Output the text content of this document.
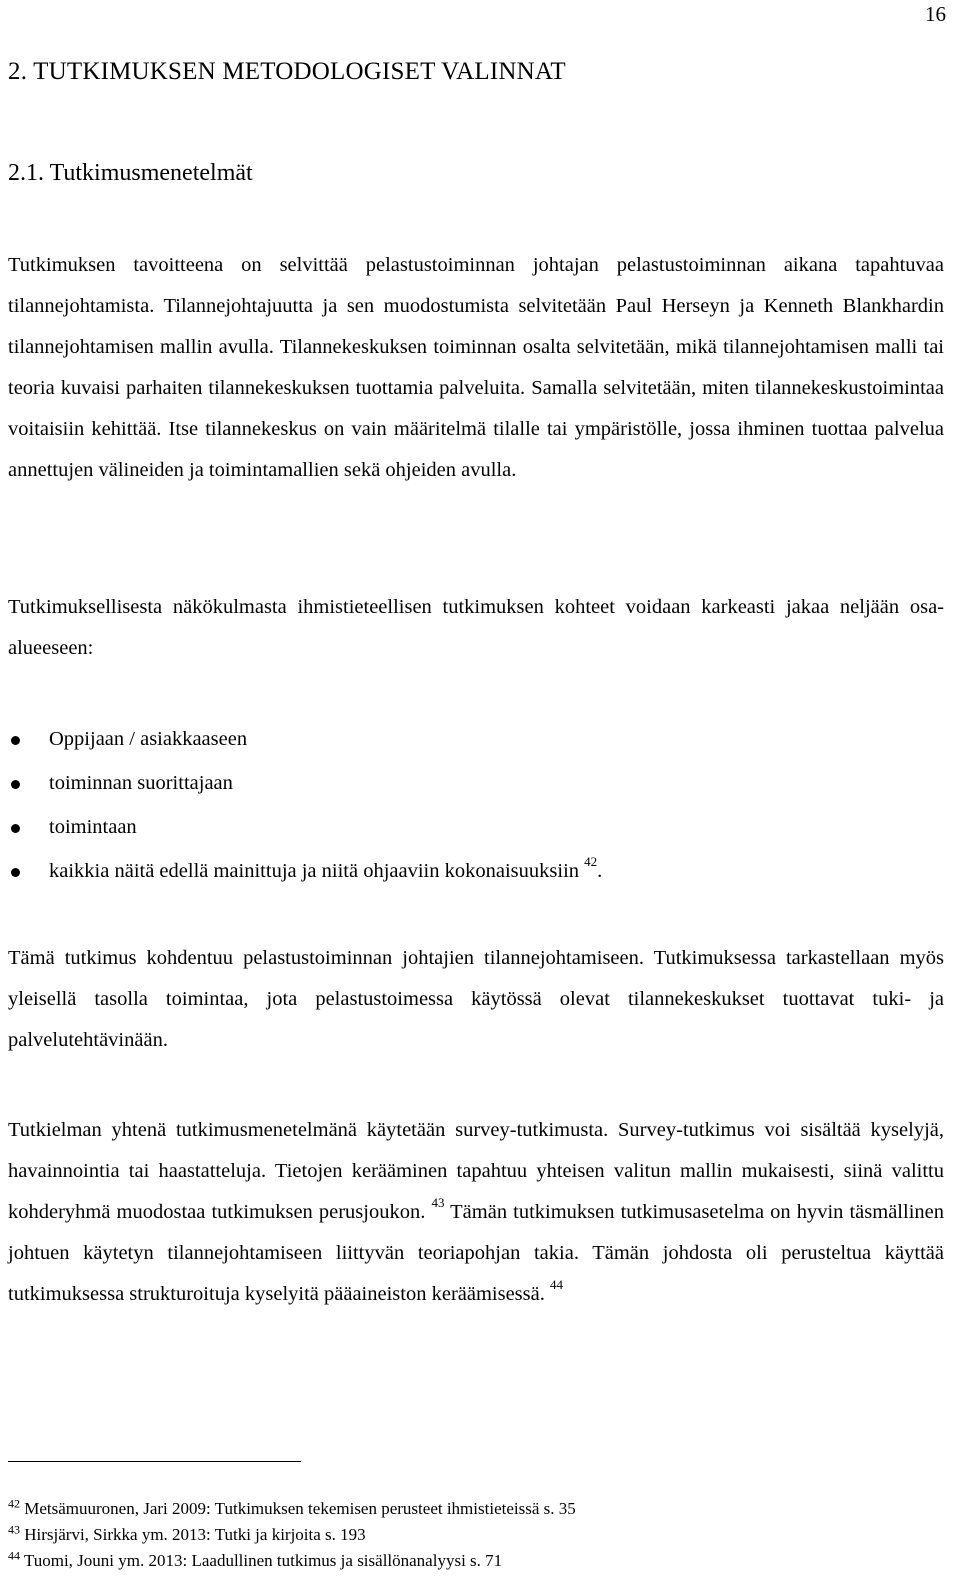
16
2. TUTKIMUKSEN METODOLOGISET VALINNAT
2.1. Tutkimusmenetelmät

Tutkimuksen tavoitteena on selvittää pelastustoiminnan johtajan pelastustoiminnan aikana tapahtuvaa tilannejohtamista. Tilannejohtajuutta ja sen muodostumista selvitetään Paul Herseyn ja Kenneth Blankhardin tilannejohtamisen mallin avulla. Tilannekeskuksen toiminnan osalta selvitetään, mikä tilannejohtamisen malli tai teoria kuvaisi parhaiten tilannekeskuksen tuottamia palveluita. Samalla selvitetään, miten tilannekeskustoimintaa voitaisiin kehittää. Itse tilannekeskus on vain määritelmä tilalle tai ympäristölle, jossa ihminen tuottaa palvelua annettujen välineiden ja toimintamallien sekä ohjeiden avulla.

Tutkimuksellisesta näkökulmasta ihmistieteellisen tutkimuksen kohteet voidaan karkeasti jakaa neljään osa-alueeseen:

Oppijaan / asiakkaaseen
toiminnan suorittajaan
toimintaan
kaikkia näitä edellä mainittuja ja niitä ohjaaviin kokonaisuuksiin $^{42}$.

Tämä tutkimus kohdentuu pelastustoiminnan johtajien tilannejohtamiseen. Tutkimuksessa tarkastellaan myös yleisellä tasolla toimintaa, jota pelastustoimessa käytössä olevat tilannekeskukset tuottavat tuki- ja palvelutehtävinään.

Tutkielman yhtenä tutkimusmenetelmänä käytetään survey-tutkimusta. Survey-tutkimus voi sisältää kyselyjä, havainnointia tai haastatteluja. Tietojen kerääminen tapahtuu yhteisen valitun mallin mukaisesti, siinä valittu kohderyhmä muodostaa tutkimuksen perusjoukon. $^{43}$ Tämän tutkimuksen tutkimusasetelma on hyvin täsmällinen johtuen käytetyn tilannejohtamiseen liittyvän teoriapohjan takia. Tämän johdosta oli perusteltua käyttää tutkimuksessa strukturoituja kyselyitä pääaineiston keräämisessä. $^{44}$

$^{42}$ Metsämuuronen, Jari 2009: Tutkimuksen tekemisen perusteet ihmistieteissä s. 35
$^{43}$ Hirsjärvi, Sirkka ym. 2013: Tutki ja kirjoita s. 193
$^{44}$ Tuomi, Jouni ym. 2013: Laadullinen tutkimus ja sisällönanalyysi s. 71
